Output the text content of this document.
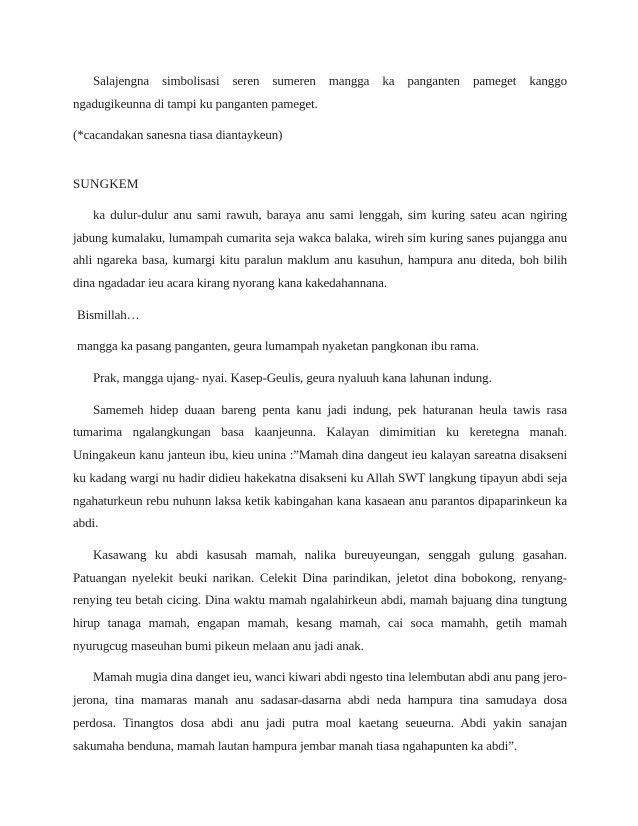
Salajengna simbolisasi seren sumeren mangga ka panganten pameget kanggo ngadugikeunna di tampi ku panganten pameget.

(*cacandakan sanesna tiasa diantaykeun)

SUNGKEM

ka dulur-dulur anu sami rawuh, baraya anu sami lenggah, sim kuring sateu acan ngiring jabung kumalaku, lumampah cumarita seja wakca balaka, wireh sim kuring sanes pujangga anu ahli ngareka basa, kumargi kitu paralun maklum anu kasuhun, hampura anu diteda, boh bilih dina ngadadar ieu acara kirang nyorang kana kakedahannana.

Bismillah…

mangga ka pasang panganten, geura lumampah nyaketan pangkonan ibu rama.

Prak, mangga ujang- nyai. Kasep-Geulis, geura nyaluuh kana lahunan indung.

Samemeh hidep duaan bareng penta kanu jadi indung, pek haturanan heula tawis rasa tumarima ngalangkungan basa kaanjeunna. Kalayan dimimitian ku keretegna manah. Uningakeun kanu janteun ibu, kieu unina :”Mamah dina dangeut ieu kalayan sareatna disakseni ku kadang wargi nu hadir didieu hakekatna disakseni ku Allah SWT langkung tipayun abdi seja ngahaturkeun rebu nuhunn laksa ketik kabingahan kana kasaean anu parantos dipaparinkeun ka abdi.

Kasawang ku abdi kasusah mamah, nalika bureuyeungan, senggah gulung gasahan. Patuangan nyelekit beuki narikan. Celekit Dina parindikan, jeletot dina bobokong, renyang-renying teu betah cicing. Dina waktu mamah ngalahirkeun abdi, mamah bajuang dina tungtung hirup tanaga mamah, engapan mamah, kesang mamah, cai soca mamahh, getih mamah nyurugcug maseuhan bumi pikeun melaan anu jadi anak.

Mamah mugia dina danget ieu, wanci kiwari abdi ngesto tina lelembutan abdi anu pang jero-jerona, tina mamaras manah anu sadasar-dasarna abdi neda hampura tina samudaya dosa perdosa. Tinangtos dosa abdi anu jadi putra moal kaetang seueurna. Abdi yakin sanajan sakumaha benduna, mamah lautan hampura jembar manah tiasa ngahapunten ka abdi”.
